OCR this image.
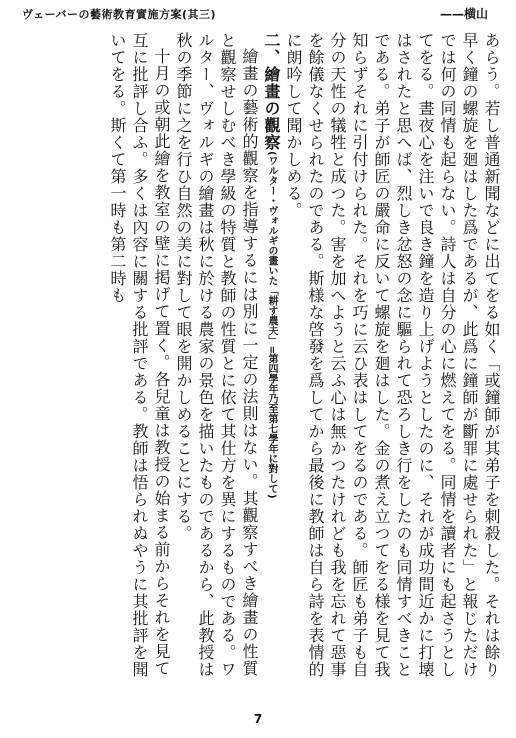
ヴェーバーの藝術教育實施方案(其三)	——横山

あらう。若し普通新聞などに出てをる如く「或鐘師が其弟子を刺殺した。それは餘り早く鐘の螺旋を廻はした爲であるが、此爲に鐘師が斷罪に處せられた」と報じただけでは何の同情も起らない。詩人は自分の心に燃えてをる。同情を讀者にも起さうとしてをる。晝夜心を注いで良き鐘を造り上げようとしたのに、それが成功間近かに打壊はされたと思へば、烈しき忿怒の念に驅られて恐ろしき行をしたのも同情すべきことである。弟子が師匠の嚴命に反いて螺旋を廻はした。金の煮え立つてをる様を見て我知らずそれに引付けられた。それを巧に云ひ表はしてをるのである。師匠も弟子も自分の天性の犠牲と成つた。害を加へようと云ふ心は無かつたけれども我を忘れて惡事を餘儀なくせられたのである。斯様な啓發を爲してから最後に教師は自ら詩を表情的に朗吟して聞かしめる。

二、繪畫の觀察(ワルター・ヴォルギの畫いた「耕す農夫」=第四學年乃至第七學年に對して)

繪畫の藝術的觀察を指導するには別に一定の法則はない。其觀察すべき繪畫の性質と觀察せしむべき學級の特質と教師の性質とに依て其仕方を異にするものである。ワルター、ヴォルギの繪畫は秋に於ける農家の景色を描いたものであるから、此教授は秋の季節に之を行ひ自然の美に對して眼を開かしめることにする。

十月の或朝此繪を教室の壁に掲げて置く。各兒童は教授の始まる前からそれを見て互に批評し合ふ。多くは內容に關する批評である。教師は悟られぬやうに其批評を聞いてをる。斯くて第一時も第二時も

7
